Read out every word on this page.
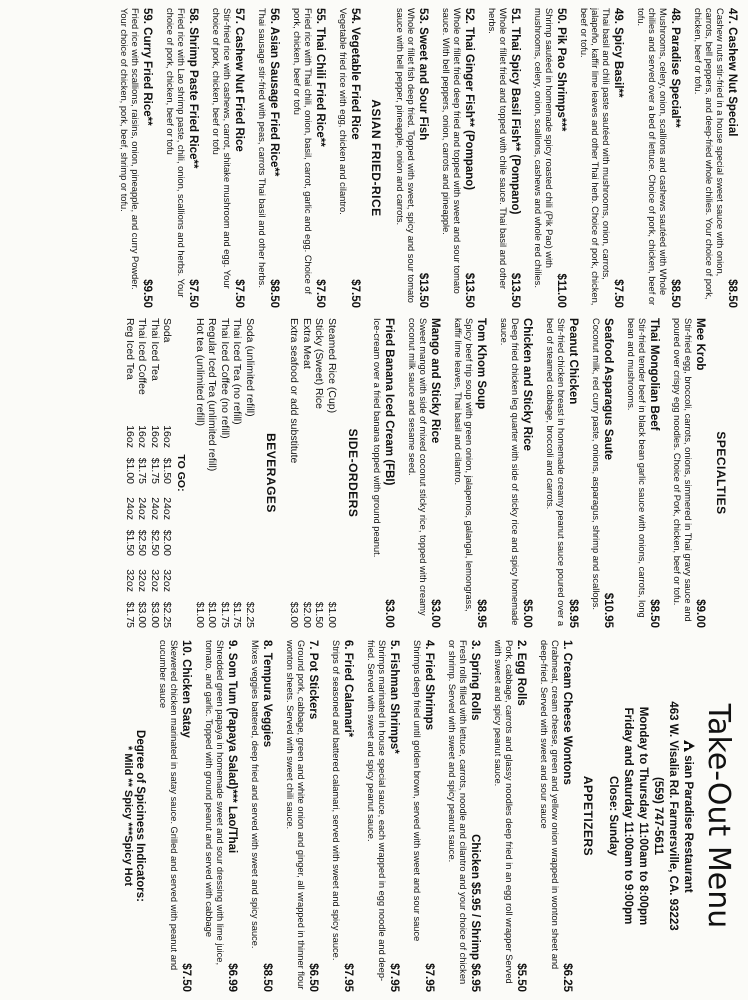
47. Cashew Nut Special
$8.50
Cashew nuts stir-fried in a house special sweet sauce with onion, carrots, bell peppers, and deep-fried whole chilies. Your choice of pork, chicken, beef or tofu.
48. Paradise Special**
$8.50
Mushrooms, celery, onion, scallions and cashews sautéed with Whole chilies and served over a bed of lettuce. Choice of pork, chicken, beef or tofu.
49. Spicy Basil**
$7.50
Thai basil and chili paste sautéed with mushrooms, onion, carrots, jalapeño, kaffir lime leaves and other Thai herb. Choice of pork, chicken, beef or tofu.
50. Pik Pao Shrimps***
$11.00
Shrimp sautéed in homemade spicy roasted chili (Pik Pao) with mushrooms, celery, onion, scallions, cashews and whole red chilies.
51. Thai Spicy Basil Fish** (Pompano)
$13.50
Whole or fillet fried and topped with chile sauce. Thai basil and other herbs.
52. Thai Ginger Fish** (Pompano)
$13.50
Whole or fillet fried deep fried and topped with sweet and sour tomato sauce. With bell peppers, onion, carrots and pineapple.
53. Sweet and Sour Fish
$13.50
Whole or fillet fish deep fried. Topped with sweet, spicy and sour tomato sauce with bell pepper, pineapple, onion and carrots.
ASIAN FRIED-RICE
54. Vegetable Fried Rice
$7.50
Vegetable fried rice with egg, chicken and cilantro.
55. Thai Chili Fried Rice**
$7.50
Fried rice with Thai chili, onion, basil, carrot, garlic and egg. Choice of pork, chicken, beef or tofu
56. Asian Sausage Fried Rice**
$8.50
Thai sausage stir-fried with peas, carrots Thai basil and other herbs.
57. Cashew Nut Fried Rice
$7.50
Stir-fried rice with cashews, carrot, shitake mushroom and egg. Your choice of pork, chicken, beef or tofu
58. Shrimp Paste Fried Rice**
$7.50
Fried rice with Lao shrimp paste, chili, onion, scallions and herbs. Your choice of pork, chicken, beef or tofu
59. Curry Fried Rice**
$9.50
Fried rice with scallions, raisins, onion, pineapple, and curry Powder. Your choice of chicken, pork, beef, shrimp or tofu.
SPECIALTIES
Mee Krob
$9.00
Stir-fried egg, broccoli, carrots, onions, simmered in Thai gravy sauce and poured over crispy egg noodles. Choice of Pork, chicken, beef or tofu.
Thai Mongolian Beef
$8.50
Stir-fried tender beef in black bean garlic sauce with onions, carrots, long bean and mushrooms.
Seafood Asparagus Saute
$10.95
Coconut milk, red curry paste, onions, asparagus, shrimp and scallops.
Peanut Chicken
$8.95
Stir-fried chicken breast in homemade creamy peanut sauce poured over a bed of steamed cabbage, broccoli and carrots.
Chicken and Sticky Rice
$5.00
Deep fried chicken leg quarter with side of sticky rice and spicy homemade sauce.
Tom Khom Soup
$8.95
Spicy beef trip soup with green onion, jalapenos, galangal, lemongrass, kaffir lime leaves, Thai basil and cilantro.
Mango and Sticky Rice
$3.00
Sweet mango with side of mixed coconut sticky rice, topped with creamy coconut milk sauce and sesame seed.
Fried Banana Iced Cream (FBI)
$3.00
Ice-cream over a fried banana topped with ground peanut.
SIDE-ORDERS
Steamed Rice (Cup)
$1.00
Sticky (Sweet) Rice
$1.50
Extra Meat
$2.00
Extra seafood or add substitute
$3.00
BEVERAGES
Soda (unlimited refill)
$2.25
Thai Iced Tea (no refill)
$1.75
Thai Iced Coffee (no refill)
$1.75
Regular Iced Tea (unlimited refill)
$1.00
Hot tea (unlimited refill)
$1.00
TO GO:
Soda
16oz
$1.50
24oz
$2.00
32oz
$2.25
Thai Iced Tea
16oz
$1.75
24oz
$2.50
32oz
$3.00
Thai Iced Coffee
16oz
$1.75
24oz
$2.50
32oz
$3.00
Reg Iced Tea
16oz
$1.00
24oz
$1.50
32oz
$1.75
Take-Out Menu
sian Paradise Restaurant
463 W. Visalia Rd. Farmersville, CA. 93223
(559) 747-5611
Monday to Thursday 11:00am to 8:00pm
Friday and Saturday 11:00am to 9:00pm
Close: Sunday
APPETIZERS
1. Cream Cheese Wontons
$6.25
Crabmeat, cream cheese, green and yellow onion wrapped in wonton sheet and deep-fried. Served with sweet and sour sauce
2. Egg Rolls
$5.50
Pork, cabbage, carrots and glassy noodles deep fried in an egg roll wrapper Served with sweet and spicy peanut sauce.
3. Spring Rolls
Chicken $5.95 / Shrimp $6.95
Fresh rolls filled with lettuce, carrots, noodle and cilantro and your choice of chicken or shrimp. Served with sweet and spicy peanut sauce.
4. Fried Shrimps
$7.95
Shrimps deep fried until golden brown, served with sweet and sour sauce
5. Fishman Shrimps*
$7.95
Shrimps marinated in house special sauce, each wrapped in egg noodle and deep-fried. Served with sweet and spicy peanut sauce.
6. Fried Calamari*
$7.95
Strips of seasoned and battered calamari, served with sweet and spicy sauce.
7. Pot Stickers
$6.50
Ground pork, cabbage, green and white onion and ginger, all wrapped in thinner flour wonton sheets. Served with sweet chili sauce.
8. Tempura Veggies
$8.50
Mixes veggies battered, deep fried and served with sweet and spicy sauce.
9. Som Tum (Papaya Salad)*** Lao/Thai
$6.99
Shredded green papaya in homemade sweet and sour dressing with lime juice, tomato, and garlic. Topped with ground peanut and served with cabbage
10. Chicken Satay
$7.50
Skewered chicken marinated in satay sauce. Grilled and served with peanut and cucumber sauce
Degree of Spiciness Indicators:
* Mild ** Spicy ***Spicy Hot
